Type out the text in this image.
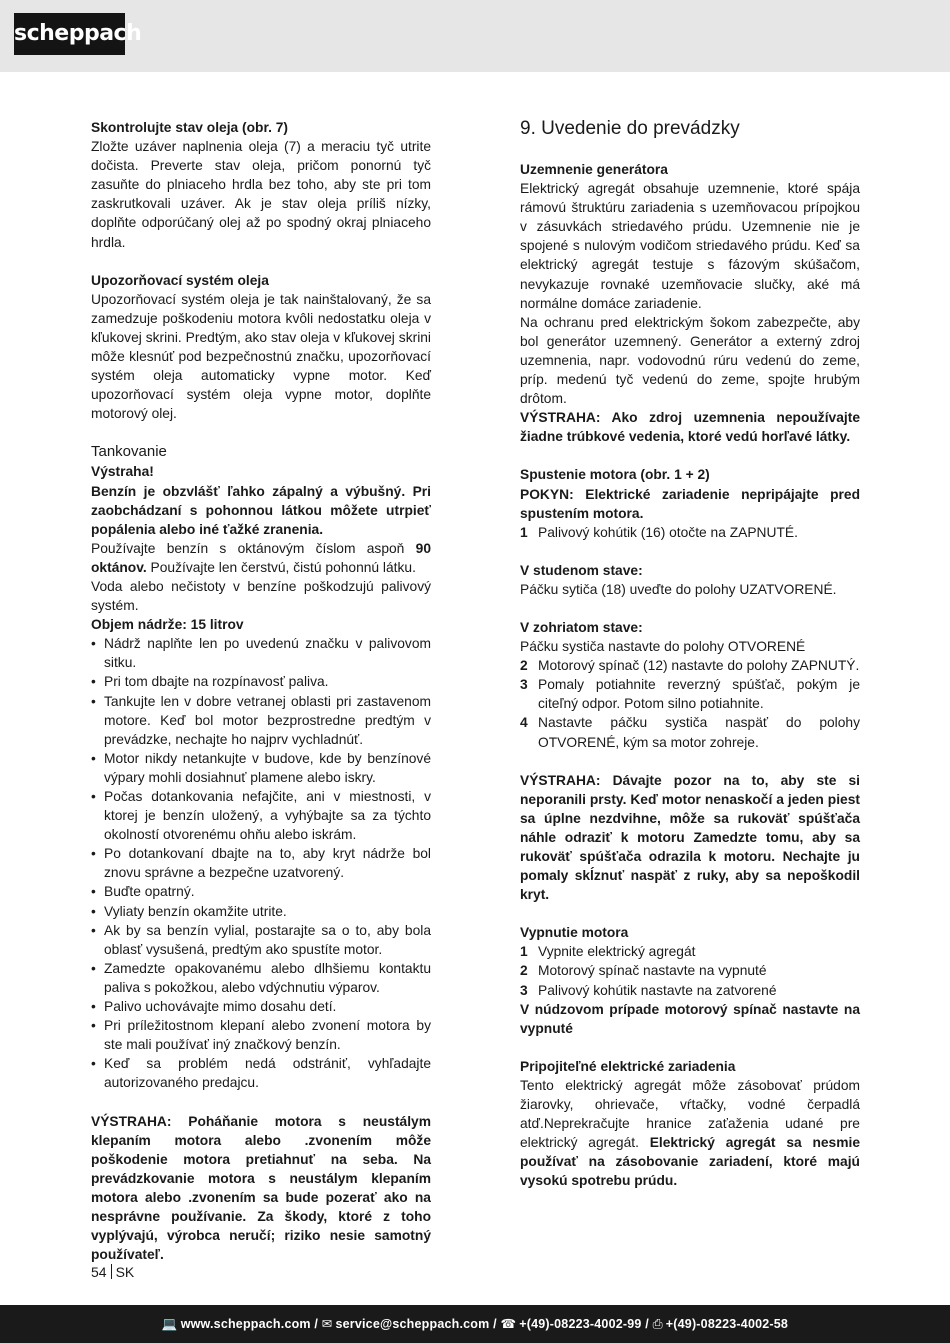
scheppach

Skontrolujte stav oleja (obr. 7)

Zložte uzáver naplnenia oleja (7) a meraciu tyč utrite dočista. Preverte stav oleja, pričom ponornú tyč zasuňte do plniaceho hrdla bez toho, aby ste pri tom zaskrutkovali uzáver. Ak je stav oleja príliš nízky, doplňte odporúčaný olej až po spodný okraj plniaceho hrdla.

Upozorňovací systém oleja

Upozorňovací systém oleja je tak nainštalovaný, že sa zamedzuje poškodeniu motora kvôli nedostatku oleja v kľukovej skrini. Predtým, ako stav oleja v kľukovej skrini môže klesnúť pod bezpečnostnú značku, upozorňovací systém oleja automaticky vypne motor. Keď upozorňovací systém oleja vypne motor, doplňte motorový olej.

Tankovanie

Výstraha!

Benzín je obzvlášť ľahko zápalný a výbušný. Pri zaobchádzaní s pohonnou látkou môžete utrpieť popálenia alebo iné ťažké zranenia.

Používajte benzín s oktánovým číslom aspoň 90 oktánov. Používajte len čerstvú, čistú pohonnú látku.

Voda alebo nečistoty v benzíne poškodzujú palivový systém.

Objem nádrže: 15 litrov

• Nádrž naplňte len po uvedenú značku v palivovom sitku.
• Pri tom dbajte na rozpínavosť paliva.
• Tankujte len v dobre vetranej oblasti pri zastavenom motore. Keď bol motor bezprostredne predtým v prevádzke, nechajte ho najprv vychladnúť.
• Motor nikdy netankujte v budove, kde by benzínové výpary mohli dosiahnuť plamene alebo iskry.
• Počas dotankovania nefajčite, ani v miestnosti, v ktorej je benzín uložený, a vyhýbajte sa za týchto okolností otvorenému ohňu alebo iskrám.
• Po dotankovaní dbajte na to, aby kryt nádrže bol znovu správne a bezpečne uzatvorený.
• Buďte opatrný.
• Vyliaty benzín okamžite utrite.
• Ak by sa benzín vylial, postarajte sa o to, aby bola oblasť vysušená, predtým ako spustíte motor.
• Zamedzte opakovanému alebo dlhšiemu kontaktu paliva s pokožkou, alebo vdýchnutiu výparov.
• Palivo uchovávajte mimo dosahu detí.
• Pri príležitostnom klepaní alebo zvonení motora by ste mali používať iný značkový benzín.
• Keď sa problém nedá odstrániť, vyhľadajte autorizovaného predajcu.

VÝSTRAHA: Poháňanie motora s neustálym klepaním motora alebo .zvonením môže poškodenie motora pretiahnuť na seba. Na prevádzkovanie motora s neustálym klepaním motora alebo .zvonením sa bude pozerať ako na nesprávne používanie. Za škody, ktoré z toho vyplývajú, výrobca neručí; riziko nesie samotný používateľ.

9. Uvedenie do prevádzky

Uzemnenie generátora

Elektrický agregát obsahuje uzemnenie, ktoré spája rámovú štruktúru zariadenia s uzemňovacou prípojkou v zásuvkách striedavého prúdu. Uzemnenie nie je spojené s nulovým vodičom striedavého prúdu. Keď sa elektrický agregát testuje s fázovým skúšačom, nevykazuje rovnaké uzemňovacie slučky, aké má normálne domáce zariadenie.

Na ochranu pred elektrickým šokom zabezpečte, aby bol generátor uzemnený. Generátor a externý zdroj uzemnenia, napr. vodovodnú rúru vedenú do zeme, príp. medenú tyč vedenú do zeme, spojte hrubým drôtom.

VÝSTRAHA: Ako zdroj uzemnenia nepoužívajte žiadne trúbkové vedenia, ktoré vedú horľavé látky.

Spustenie motora (obr. 1 + 2)

POKYN: Elektrické zariadenie nepripájajte pred spustením motora.

1 Palivový kohútik (16) otočte na ZAPNUTÉ.

V studenom stave:

Páčku sytiča (18) uveďte do polohy UZATVORENÉ.

V zohriatom stave:

Páčku systiča nastavte do polohy OTVORENÉ

2 Motorový spínač (12) nastavte do polohy ZAPNUTÝ.
3 Pomaly potiahnite reverzný spúšťač, pokým je citeľný odpor. Potom silno potiahnite.
4 Nastavte páčku systiča naspäť do polohy OTVORENÉ, kým sa motor zohreje.

VÝSTRAHA: Dávajte pozor na to, aby ste si neporanili prsty. Keď motor nenaskočí a jeden piest sa úplne nezdvihne, môže sa rukoväť spúšťača náhle odraziť k motoru Zamedzte tomu, aby sa rukoväť spúšťača odrazila k motoru. Nechajte ju pomaly skĺznuť naspäť z ruky, aby sa nepoškodil kryt.

Vypnutie motora

1 Vypnite elektrický agregát
2 Motorový spínač nastavte na vypnuté
3 Palivový kohútik nastavte na zatvorené

V núdzovom prípade motorový spínač nastavte na vypnuté

Pripojiteľné elektrické zariadenia

Tento elektrický agregát môže zásobovať prúdom žiarovky, ohrievače, vŕtačky, vodné čerpadlá atď.Neprekračujte hranice zaťaženia udané pre elektrický agregát. Elektrický agregát sa nesmie používať na zásobovanie zariadení, ktoré majú vysokú spotrebu prúdu.

54 SK
💻 www.scheppach.com / ✉ service@scheppach.com / ☎ +(49)-08223-4002-99 / ⎙ +(49)-08223-4002-58
